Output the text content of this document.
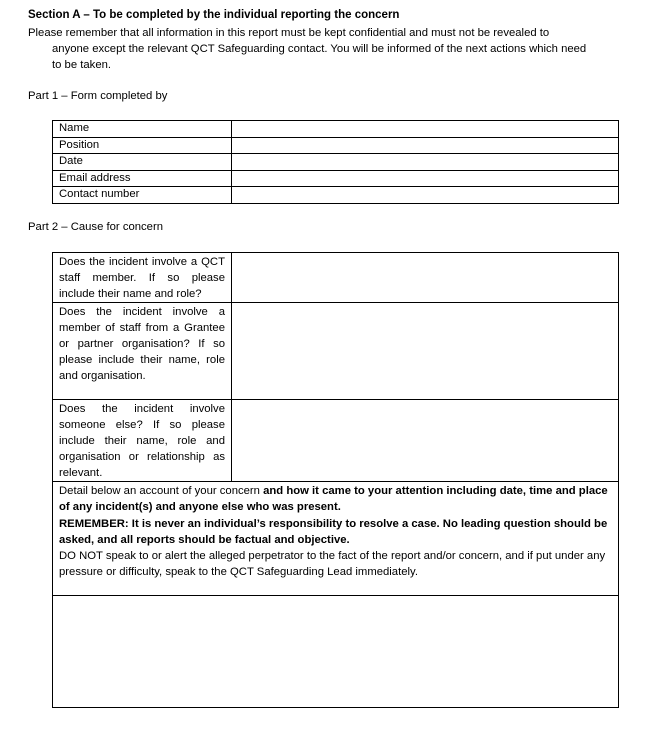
Section A – To be completed by the individual reporting the concern
Please remember that all information in this report must be kept confidential and must not be revealed to
anyone except the relevant QCT Safeguarding contact. You will be informed of the next actions which need
to be taken.
Part 1 – Form completed by
Name	
Position	
Date	
Email address	
Contact number	
Part 2 – Cause for concern
Does the incident involve a QCT staff member. If so please include their name and role?	

Does the incident involve a member of staff from a Grantee or partner organisation? If so please include their name, role and organisation.	

Does the incident involve someone else? If so please include their name, role and organisation or relationship as relevant.	

Detail below an account of your concern and how it came to your attention including date, time and place of any incident(s) and anyone else who was present.
REMEMBER: It is never an individual’s responsibility to resolve a case. No leading question should be asked, and all reports should be factual and objective.
DO NOT speak to or alert the alleged perpetrator to the fact of the report and/or concern, and if put under any pressure or difficulty, speak to the QCT Safeguarding Lead immediately.	
